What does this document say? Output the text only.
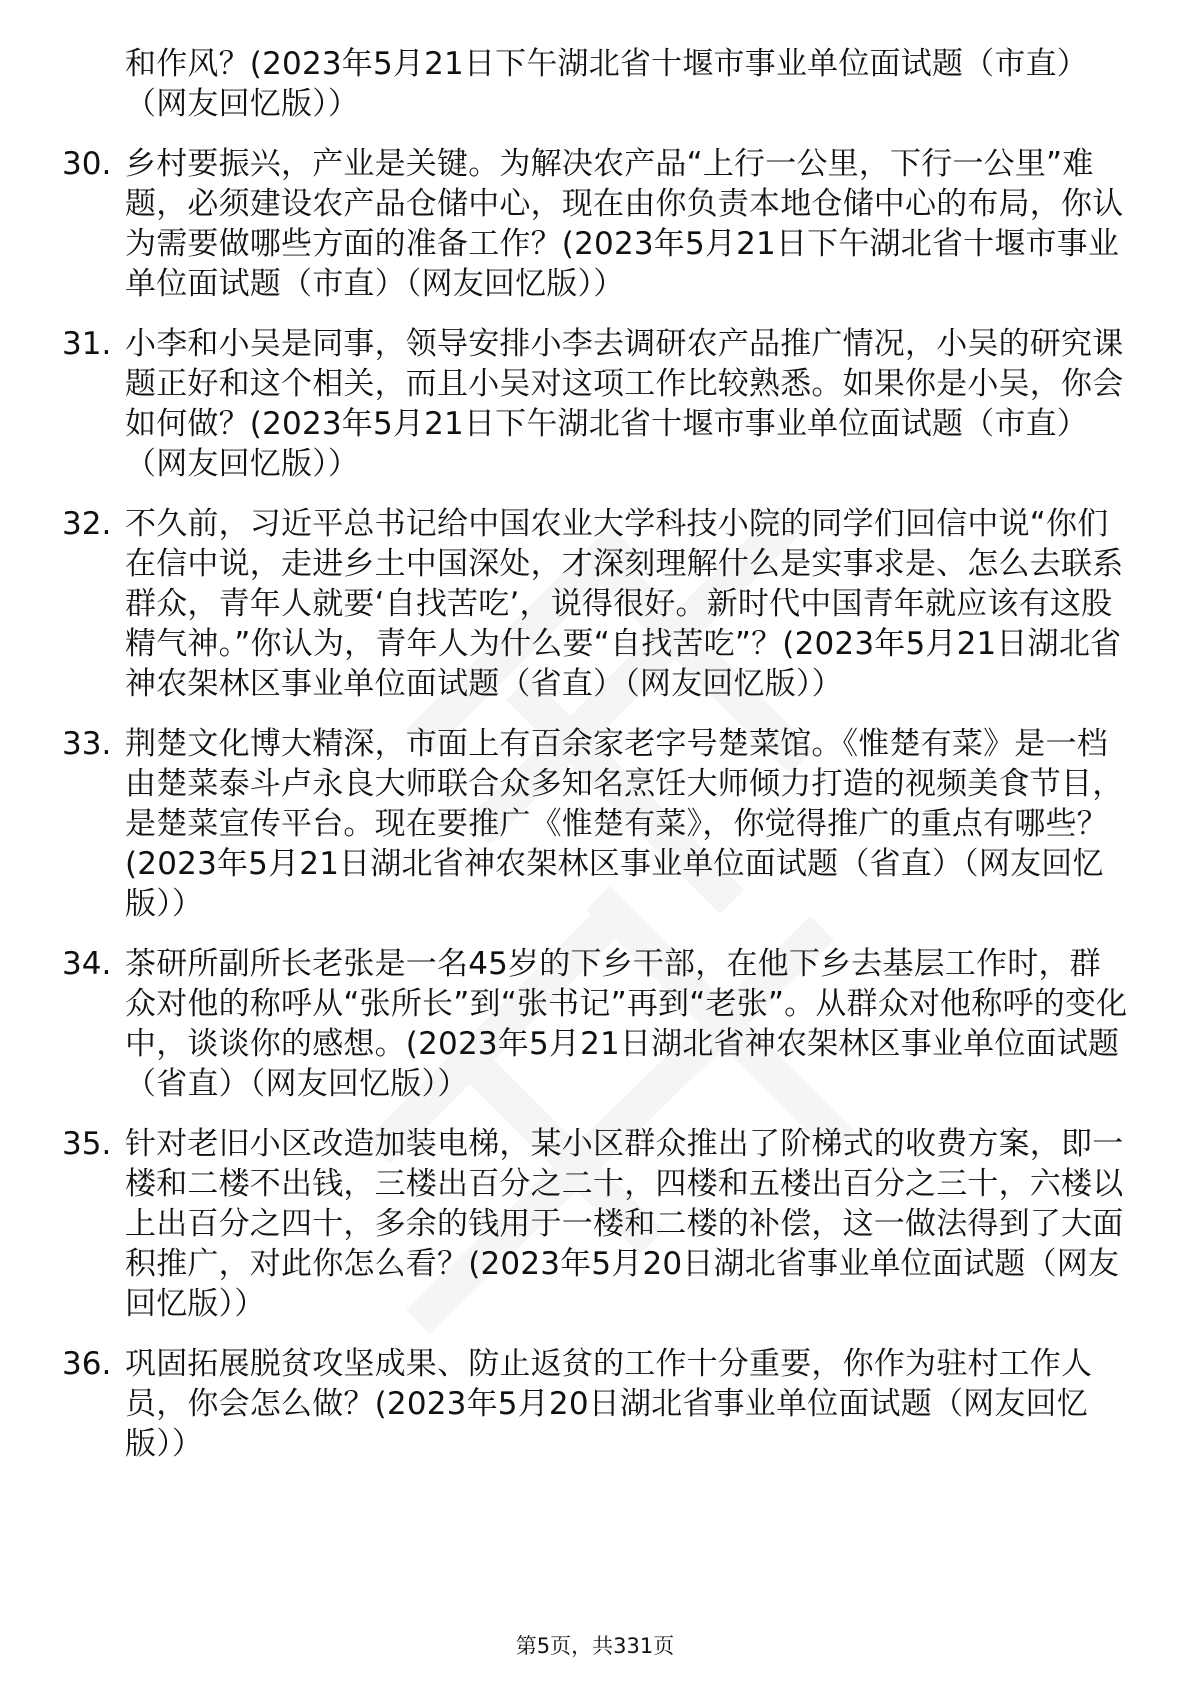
和作风？(2023年5月21日下午湖北省十堰市事业单位面试题（市直）（网友回忆版））
30. 乡村要振兴，产业是关键。为解决农产品“上行一公里，下行一公里”难题，必须建设农产品仓储中心，现在由你负责本地仓储中心的布局，你认为需要做哪些方面的准备工作？(2023年5月21日下午湖北省十堰市事业单位面试题（市直）（网友回忆版））
31. 小李和小吴是同事，领导安排小李去调研农产品推广情况，小吴的研究课题正好和这个相关，而且小吴对这项工作比较熟悉。如果你是小吴，你会如何做？(2023年5月21日下午湖北省十堰市事业单位面试题（市直）（网友回忆版））
32. 不久前，习近平总书记给中国农业大学科技小院的同学们回信中说“你们在信中说，走进乡土中国深处，才深刻理解什么是实事求是、怎么去联系群众，青年人就要‘自找苦吃’，说得很好。新时代中国青年就应该有这股精气神。”你认为，青年人为什么要“自找苦吃”？(2023年5月21日湖北省神农架林区事业单位面试题（省直）（网友回忆版））
33. 荆楚文化博大精深，市面上有百余家老字号楚菜馆。《惟楚有菜》是一档由楚菜泰斗卢永良大师联合众多知名烹饪大师倾力打造的视频美食节目，是楚菜宣传平台。现在要推广《惟楚有菜》，你觉得推广的重点有哪些？(2023年5月21日湖北省神农架林区事业单位面试题（省直）（网友回忆版））
34. 茶研所副所长老张是一名45岁的下乡干部，在他下乡去基层工作时，群众对他的称呼从“张所长”到“张书记”再到“老张”。从群众对他称呼的变化中，谈谈你的感想。(2023年5月21日湖北省神农架林区事业单位面试题（省直）（网友回忆版））
35. 针对老旧小区改造加装电梯，某小区群众推出了阶梯式的收费方案，即一楼和二楼不出钱，三楼出百分之二十，四楼和五楼出百分之三十，六楼以上出百分之四十，多余的钱用于一楼和二楼的补偿，这一做法得到了大面积推广，对此你怎么看？(2023年5月20日湖北省事业单位面试题（网友回忆版））
36. 巩固拓展脱贫攻坚成果、防止返贫的工作十分重要，你作为驻村工作人员，你会怎么做？(2023年5月20日湖北省事业单位面试题（网友回忆版））
第5页，共331页
